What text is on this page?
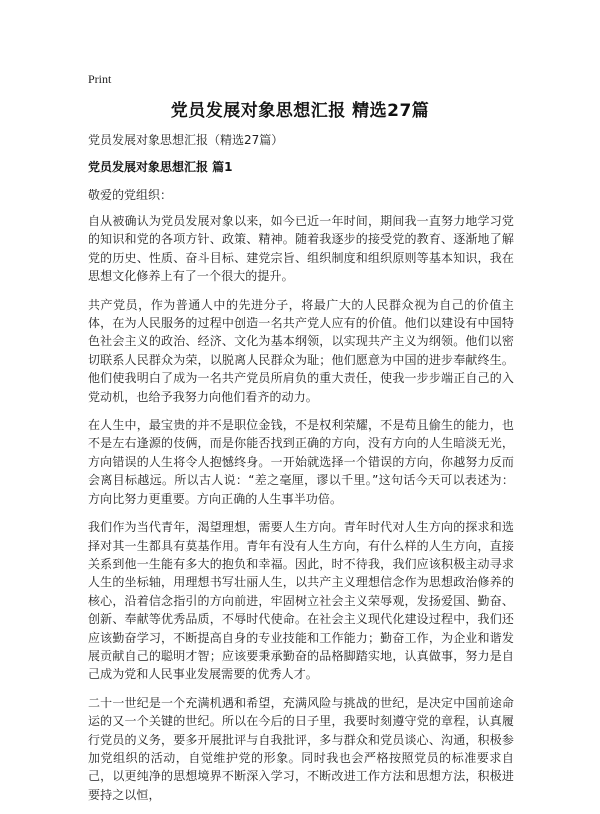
Print
党员发展对象思想汇报 精选27篇
党员发展对象思想汇报（精选27篇）
党员发展对象思想汇报 篇1
敬爱的党组织：

自从被确认为党员发展对象以来，如今已近一年时间，期间我一直努力地学习党的知识和党的各项方针、政策、精神。随着我逐步的接受党的教育、逐渐地了解党的历史、性质、奋斗目标、建党宗旨、组织制度和组织原则等基本知识，我在思想文化修养上有了一个很大的提升。

共产党员，作为普通人中的先进分子，将最广大的人民群众视为自己的价值主体，在为人民服务的过程中创造一名共产党人应有的价值。他们以建设有中国特色社会主义的政治、经济、文化为基本纲领，以实现共产主义为纲领。他们以密切联系人民群众为荣，以脱离人民群众为耻；他们愿意为中国的进步奉献终生。他们使我明白了成为一名共产党员所肩负的重大责任，使我一步步端正自己的入党动机，也给予我努力向他们看齐的动力。

在人生中，最宝贵的并不是职位金钱，不是权利荣耀，不是苟且偷生的能力，也不是左右逢源的伎俩，而是你能否找到正确的方向，没有方向的人生暗淡无光，方向错误的人生将令人抱憾终身。一开始就选择一个错误的方向，你越努力反而会离目标越远。所以古人说：“差之毫厘，谬以千里。”这句话今天可以表述为：方向比努力更重要。方向正确的人生事半功倍。

我们作为当代青年，渴望理想，需要人生方向。青年时代对人生方向的探求和选择对其一生都具有莫基作用。青年有没有人生方向，有什么样的人生方向，直接关系到他一生能有多大的抱负和幸福。因此，时不待我，我们应该积极主动寻求人生的坐标轴，用理想书写壮丽人生，以共产主义理想信念作为思想政治修养的核心，沿着信念指引的方向前进，牢固树立社会主义荣辱观，发扬爱国、勤奋、创新、奉献等优秀品质，不辱时代使命。在社会主义现代化建设过程中，我们还应该勤奋学习，不断提高自身的专业技能和工作能力；勤奋工作，为企业和谐发展贡献自己的聪明才智；应该要秉承勤奋的品格脚踏实地，认真做事，努力是自己成为党和人民事业发展需要的优秀人才。

二十一世纪是一个充满机遇和希望，充满风险与挑战的世纪，是决定中国前途命运的又一个关键的世纪。所以在今后的日子里，我要时刻遵守党的章程，认真履行党员的义务，要多开展批评与自我批评，多与群众和党员谈心、沟通，积极参加党组织的活动，自觉维护党的形象。同时我也会严格按照党员的标准要求自己，以更纯净的思想境界不断深入学习，不断改进工作方法和思想方法，积极进要持之以恒，
